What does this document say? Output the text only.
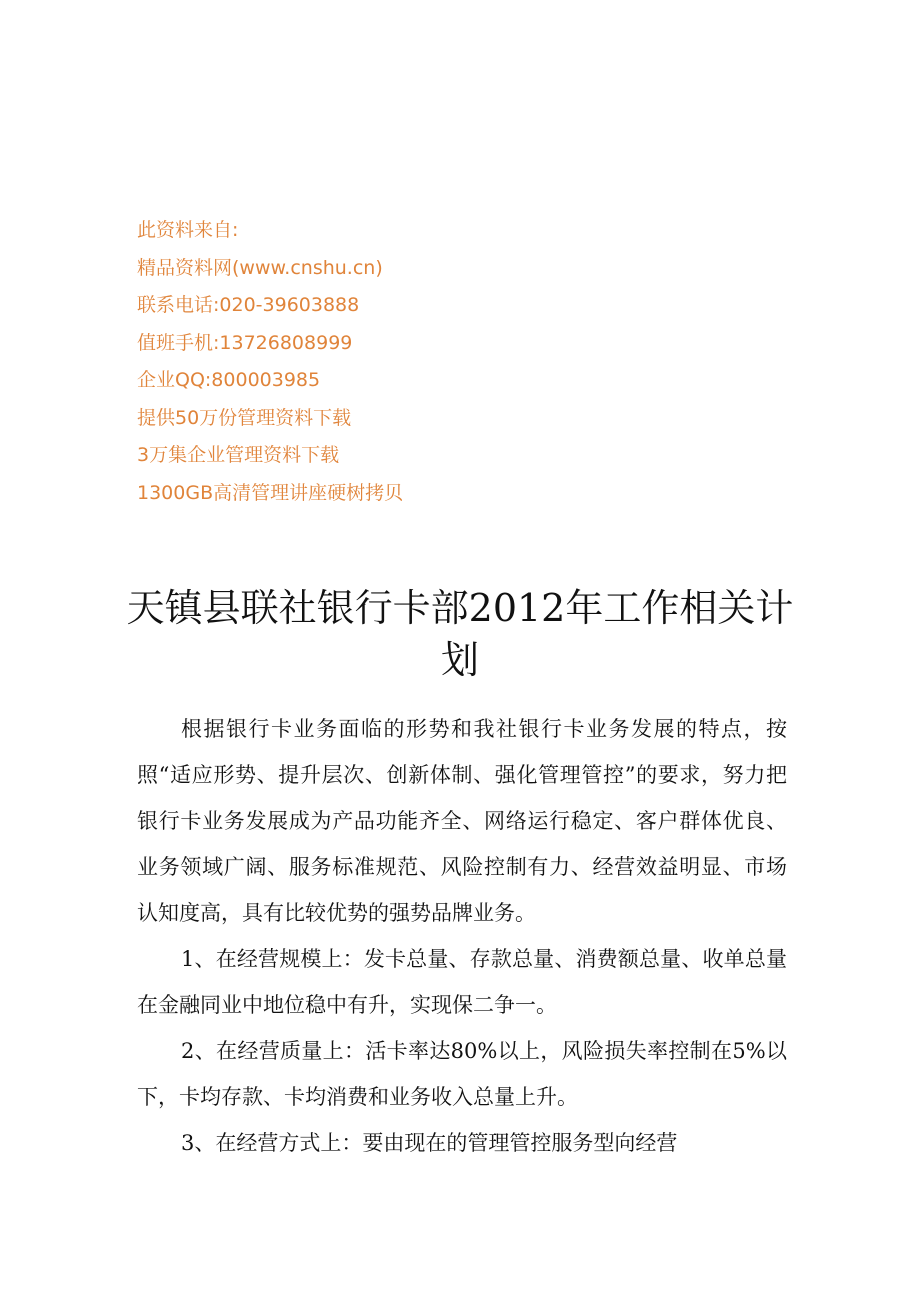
此资料来自:
精品资料网(www.cnshu.cn)
联系电话:020-39603888
值班手机:13726808999
企业QQ:800003985
提供50万份管理资料下载
3万集企业管理资料下载
1300GB高清管理讲座硬树拷贝
天镇县联社银行卡部2012年工作相关计划

根据银行卡业务面临的形势和我社银行卡业务发展的特点，按照“适应形势、提升层次、创新体制、强化管理管控”的要求，努力把银行卡业务发展成为产品功能齐全、网络运行稳定、客户群体优良、业务领域广阔、服务标准规范、风险控制有力、经营效益明显、市场认知度高，具有比较优势的强势品牌业务。

1、在经营规模上：发卡总量、存款总量、消费额总量、收单总量在金融同业中地位稳中有升，实现保二争一。

2、在经营质量上：活卡率达80%以上，风险损失率控制在5%以下，卡均存款、卡均消费和业务收入总量上升。

3、在经营方式上：要由现在的管理管控服务型向经营
